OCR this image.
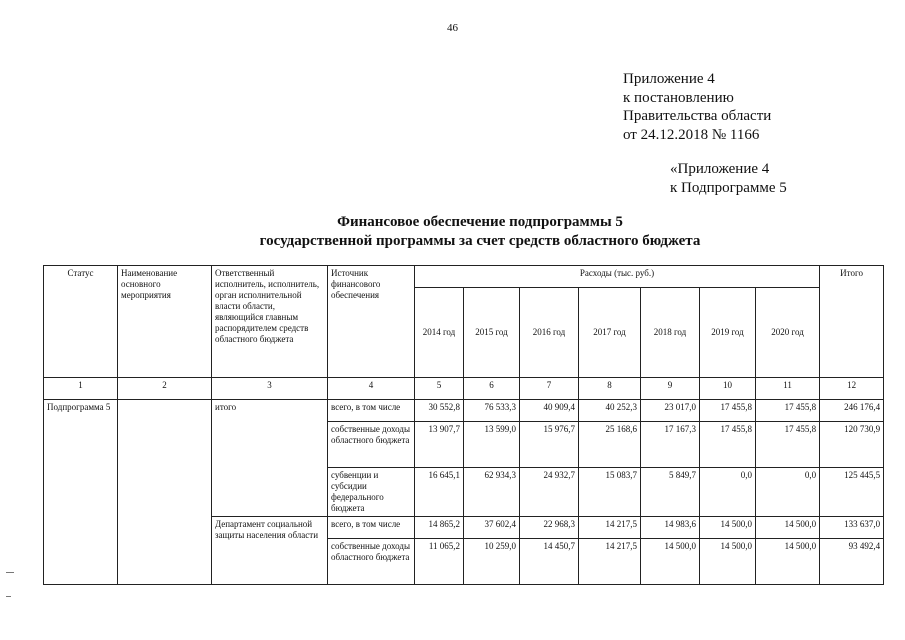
46
Приложение 4
к постановлению
Правительства области
от 24.12.2018 № 1166
«Приложение 4
к Подпрограмме 5
Финансовое обеспечение подпрограммы 5
государственной программы за счет средств областного бюджета
Статус	Наименование основного мероприятия	Ответственный исполнитель, исполнитель, орган исполнительной власти области, являющийся главным распорядителем средств областного бюджета	Источник финансового обеспечения	Расходы (тыс. руб.)							Итого
				2014 год	2015 год	2016 год	2017 год	2018 год	2019 год	2020 год	
1	2	3	4	5	6	7	8	9	10	11	12
Подпрограмма 5		итого	всего, в том числе	30 552,8	76 533,3	40 909,4	40 252,3	23 017,0	17 455,8	17 455,8	246 176,4
			собственные доходы областного бюджета	13 907,7	13 599,0	15 976,7	25 168,6	17 167,3	17 455,8	17 455,8	120 730,9
			субвенции и субсидии федерального бюджета	16 645,1	62 934,3	24 932,7	15 083,7	5 849,7	0,0	0,0	125 445,5
		Департамент социальной защиты населения области	всего, в том числе	14 865,2	37 602,4	22 968,3	14 217,5	14 983,6	14 500,0	14 500,0	133 637,0
			собственные доходы областного бюджета	11 065,2	10 259,0	14 450,7	14 217,5	14 500,0	14 500,0	14 500,0	93 492,4
